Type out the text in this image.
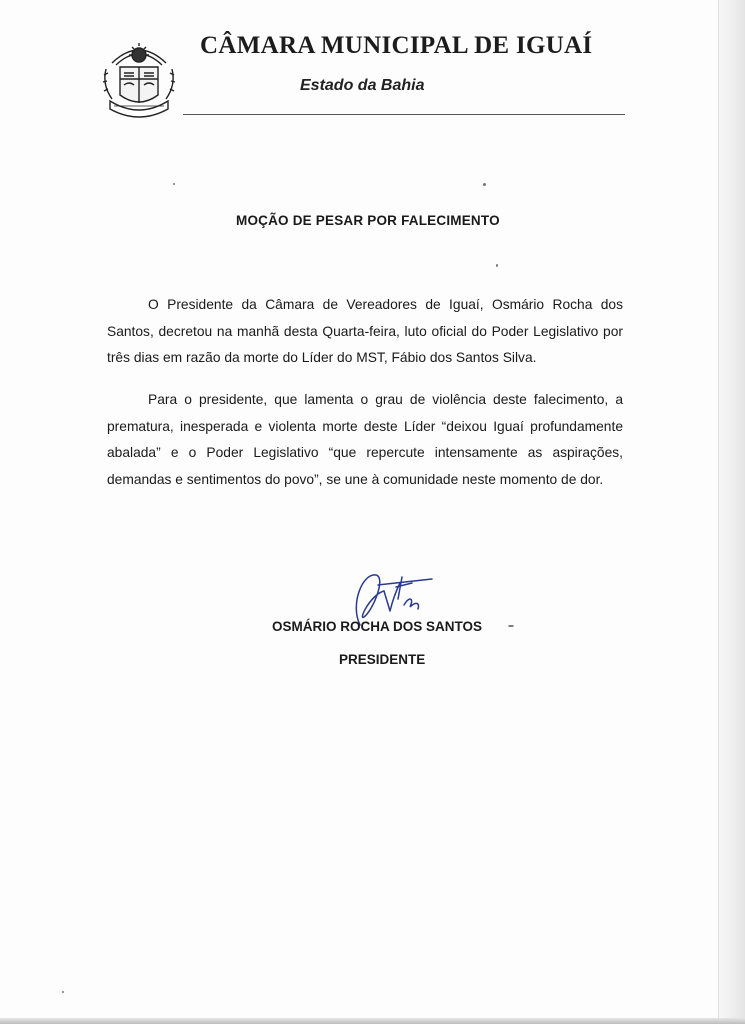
CÂMARA MUNICIPAL DE IGUAÍ
Estado da Bahia
MOÇÃO DE PESAR POR FALECIMENTO

O Presidente da Câmara de Vereadores de Iguaí, Osmário Rocha dos Santos, decretou na manhã desta Quarta-feira, luto oficial do Poder Legislativo por três dias em razão da morte do Líder do MST, Fábio dos Santos Silva.

Para o presidente, que lamenta o grau de violência deste falecimento, a prematura, inesperada e violenta morte deste Líder “deixou Iguaí profundamente abalada” e o Poder Legislativo “que repercute intensamente as aspirações, demandas e sentimentos do povo”, se une à comunidade neste momento de dor.

OSMÁRIO ROCHA DOS SANTOS
PRESIDENTE
